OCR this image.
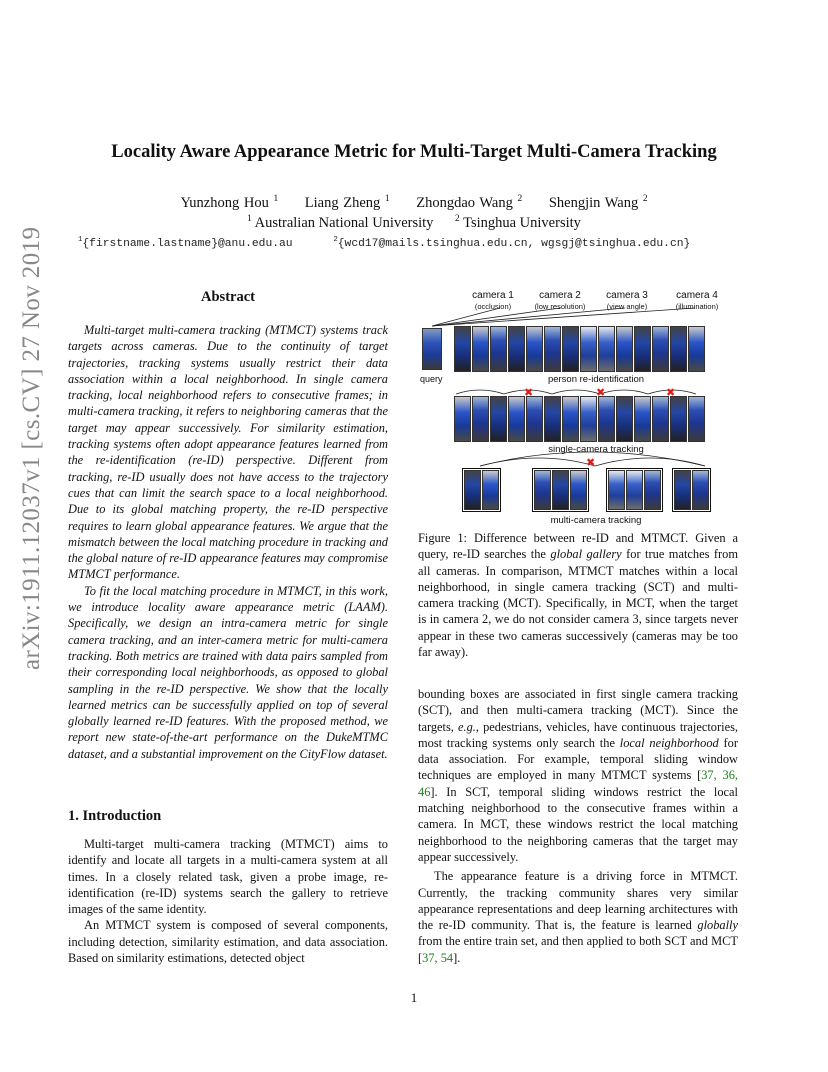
arXiv:1911.12037v1 [cs.CV] 27 Nov 2019
Locality Aware Appearance Metric for Multi-Target Multi-Camera Tracking
Yunzhong Hou $^1$ Liang Zheng $^1$ Zhongdao Wang $^2$ Shengjin Wang $^2$
$^1$ Australian National University $^2$ Tsinghua University
$^1${firstname.lastname}@anu.edu.au	$^2${wcd17@mails.tsinghua.edu.cn, wgsgj@tsinghua.edu.cn}
Abstract

Multi-target multi-camera tracking (MTMCT) systems track targets across cameras. Due to the continuity of target trajectories, tracking systems usually restrict their data association within a local neighborhood. In single camera tracking, local neighborhood refers to consecutive frames; in multi-camera tracking, it refers to neighboring cameras that the target may appear successively. For similarity estimation, tracking systems often adopt appearance features learned from the re-identification (re-ID) perspective. Different from tracking, re-ID usually does not have access to the trajectory cues that can limit the search space to a local neighborhood. Due to its global matching property, the re-ID perspective requires to learn global appearance features. We argue that the mismatch between the local matching procedure in tracking and the global nature of re-ID appearance features may compromise MTMCT performance.

To fit the local matching procedure in MTMCT, in this work, we introduce locality aware appearance metric (LAAM). Specifically, we design an intra-camera metric for single camera tracking, and an inter-camera metric for multi-camera tracking. Both metrics are trained with data pairs sampled from their corresponding local neighborhoods, as opposed to global sampling in the re-ID perspective. We show that the locally learned metrics can be successfully applied on top of several globally learned re-ID features. With the proposed method, we report new state-of-the-art performance on the DukeMTMC dataset, and a substantial improvement on the CityFlow dataset.

1. Introduction

Multi-target multi-camera tracking (MTMCT) aims to identify and locate all targets in a multi-camera system at all times. In a closely related task, given a probe image, re-identification (re-ID) systems search the gallery to retrieve images of the same identity.

An MTMCT system is composed of several components, including detection, similarity estimation, and data association. Based on similarity estimations, detected object

camera 1
(occlusion)
camera 2
(low resolution)
camera 3
(view angle)
camera 4
(illumination)
query	person re-identification
✖	✖	✖
single-camera tracking
✖
multi-camera tracking

Figure 1: Difference between re-ID and MTMCT. Given a query, re-ID searches the global gallery for true matches from all cameras. In comparison, MTMCT matches within a local neighborhood, in single camera tracking (SCT) and multi-camera tracking (MCT). Specifically, in MCT, when the target is in camera 2, we do not consider camera 3, since targets never appear in these two cameras successively (cameras may be too far away).

bounding boxes are associated in first single camera tracking (SCT), and then multi-camera tracking (MCT). Since the targets, e.g., pedestrians, vehicles, have continuous trajectories, most tracking systems only search the local neighborhood for data association. For example, temporal sliding window techniques are employed in many MTMCT systems [37, 36, 46]. In SCT, temporal sliding windows restrict the local matching neighborhood to the consecutive frames within a camera. In MCT, these windows restrict the local matching neighborhood to the neighboring cameras that the target may appear successively.

The appearance feature is a driving force in MTMCT. Currently, the tracking community shares very similar appearance representations and deep learning architectures with the re-ID community. That is, the feature is learned globally from the entire train set, and then applied to both SCT and MCT [37, 54].

1
